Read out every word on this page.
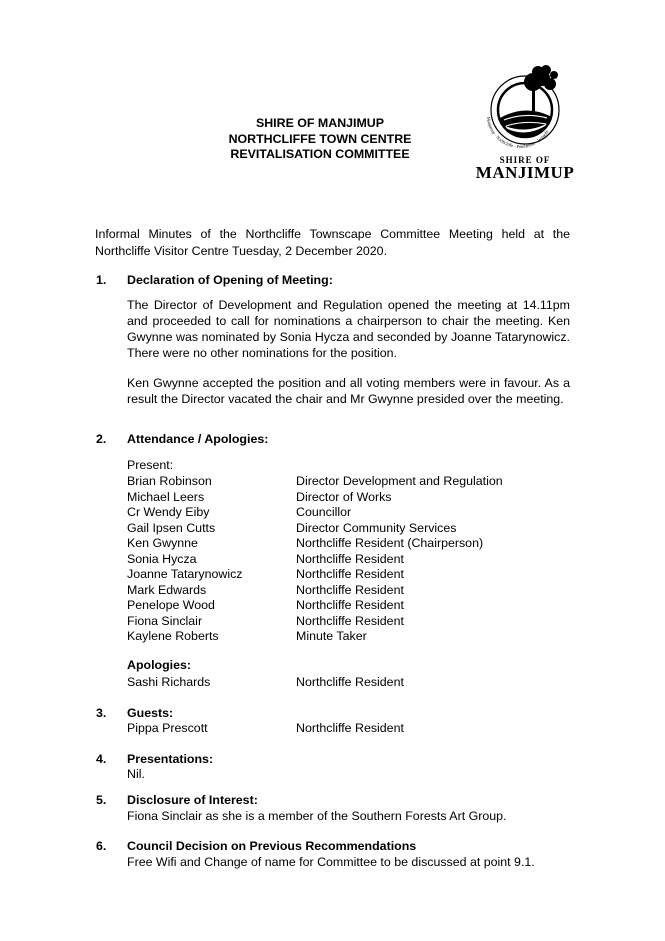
SHIRE OF MANJIMUP
NORTHCLIFFE TOWN CENTRE
REVITALISATION COMMITTEE
Manjimup · Northcliffe · Pemberton · Walpole
SHIRE OF
MANJIMUP
Informal Minutes of the Northcliffe Townscape Committee Meeting held at the Northcliffe Visitor Centre Tuesday, 2 December 2020.
1. Declaration of Opening of Meeting:
The Director of Development and Regulation opened the meeting at 14.11pm and proceeded to call for nominations a chairperson to chair the meeting. Ken Gwynne was nominated by Sonia Hycza and seconded by Joanne Tatarynowicz. There were no other nominations for the position.
Ken Gwynne accepted the position and all voting members were in favour. As a result the Director vacated the chair and Mr Gwynne presided over the meeting.
2. Attendance / Apologies:
Present:
Brian Robinson	Director Development and Regulation
Michael Leers	Director of Works
Cr Wendy Eiby	Councillor
Gail Ipsen Cutts	Director Community Services
Ken Gwynne	Northcliffe Resident (Chairperson)
Sonia Hycza	Northcliffe Resident
Joanne Tatarynowicz	Northcliffe Resident
Mark Edwards	Northcliffe Resident
Penelope Wood	Northcliffe Resident
Fiona Sinclair	Northcliffe Resident
Kaylene Roberts	Minute Taker
Apologies:
Sashi Richards	Northcliffe Resident
3. Guests:
Pippa Prescott	Northcliffe Resident
4. Presentations:
Nil.
5. Disclosure of Interest:
Fiona Sinclair as she is a member of the Southern Forests Art Group.
6. Council Decision on Previous Recommendations
Free Wifi and Change of name for Committee to be discussed at point 9.1.
